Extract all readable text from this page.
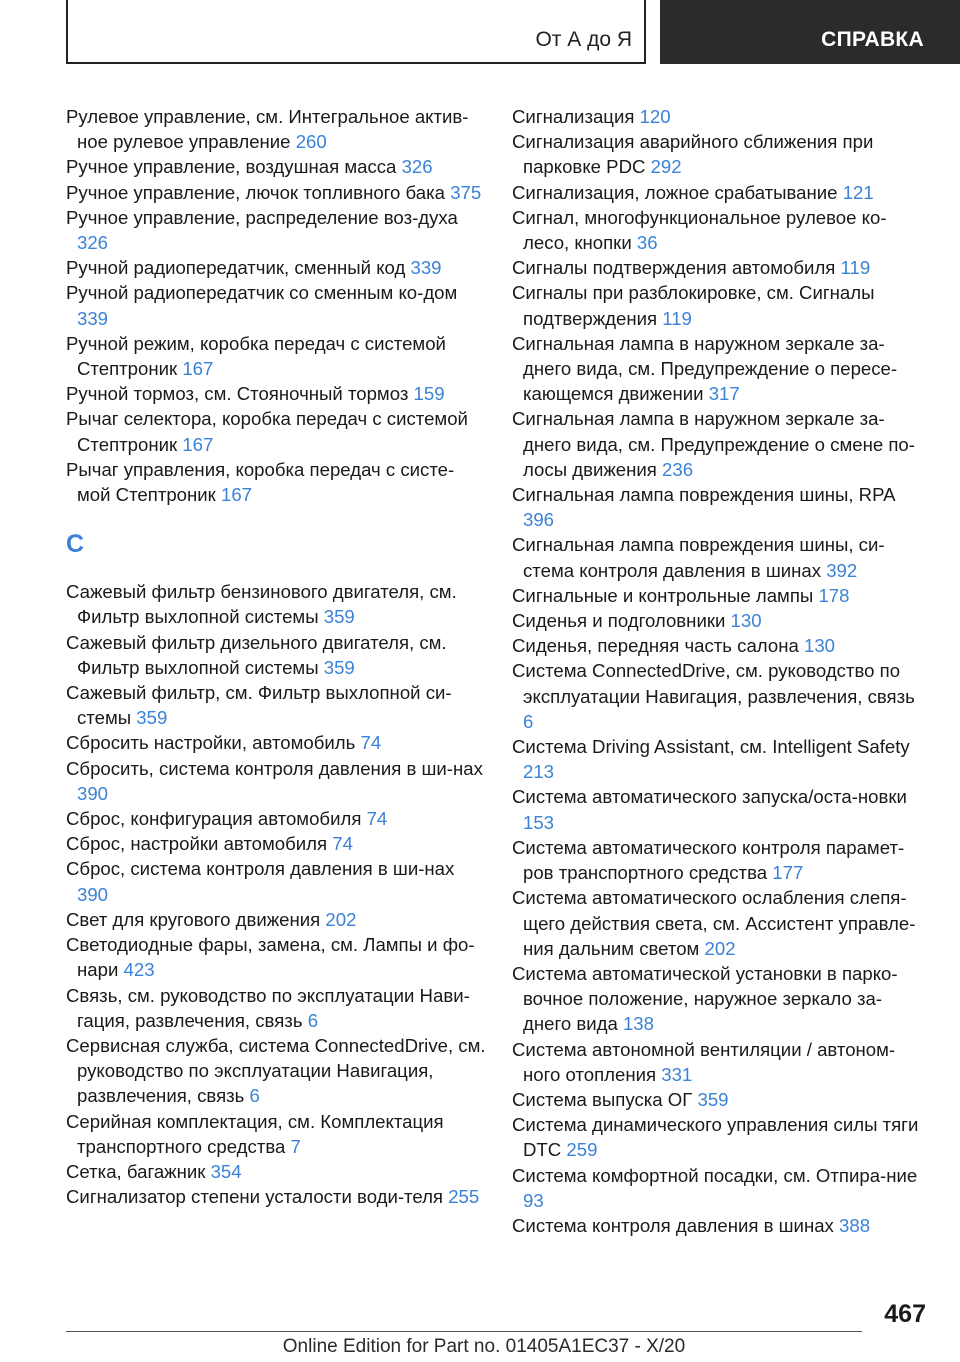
От А до Я	СПРАВКА
Рулевое управление, см. Интегральное актив-ное рулевое управление 260
Ручное управление, воздушная масса 326
Ручное управление, лючок топливного бака 375
Ручное управление, распределение воз-духа 326
Ручной радиопередатчик, сменный код 339
Ручной радиопередатчик со сменным ко-дом 339
Ручной режим, коробка передач с системой Стептроник 167
Ручной тормоз, см. Стояночный тормоз 159
Рычаг селектора, коробка передач с системой Стептроник 167
Рычаг управления, коробка передач с систе-мой Стептроник 167
С
Сажевый фильтр бензинового двигателя, см. Фильтр выхлопной системы 359
Сажевый фильтр дизельного двигателя, см. Фильтр выхлопной системы 359
Сажевый фильтр, см. Фильтр выхлопной си-стемы 359
Сбросить настройки, автомобиль 74
Сбросить, система контроля давления в ши-нах 390
Сброс, конфигурация автомобиля 74
Сброс, настройки автомобиля 74
Сброс, система контроля давления в ши-нах 390
Свет для кругового движения 202
Светодиодные фары, замена, см. Лампы и фо-нари 423
Связь, см. руководство по эксплуатации Нави-гация, развлечения, связь 6
Сервисная служба, система ConnectedDrive, см. руководство по эксплуатации Навигация, развлечения, связь 6
Серийная комплектация, см. Комплектация транспортного средства 7
Сетка, багажник 354
Сигнализатор степени усталости води-теля 255
Сигнализация 120
Сигнализация аварийного сближения при парковке PDC 292
Сигнализация, ложное срабатывание 121
Сигнал, многофункциональное рулевое ко-лесо, кнопки 36
Сигналы подтверждения автомобиля 119
Сигналы при разблокировке, см. Сигналы подтверждения 119
Сигнальная лампа в наружном зеркале за-днего вида, см. Предупреждение о пересе-кающемся движении 317
Сигнальная лампа в наружном зеркале за-днего вида, см. Предупреждение о смене по-лосы движения 236
Сигнальная лампа повреждения шины, RPA 396
Сигнальная лампа повреждения шины, си-стема контроля давления в шинах 392
Сигнальные и контрольные лампы 178
Сиденья и подголовники 130
Сиденья, передняя часть салона 130
Система ConnectedDrive, см. руководство по эксплуатации Навигация, развлечения, связь 6
Система Driving Assistant, см. Intelligent Safety 213
Система автоматического запуска/оста-новки 153
Система автоматического контроля парамет-ров транспортного средства 177
Система автоматического ослабления слепя-щего действия света, см. Ассистент управле-ния дальним светом 202
Система автоматической установки в парко-вочное положение, наружное зеркало за-днего вида 138
Система автономной вентиляции / автоном-ного отопления 331
Система выпуска ОГ 359
Система динамического управления силы тяги DTC 259
Система комфортной посадки, см. Отпира-ние 93
Система контроля давления в шинах 388
467
Online Edition for Part no. 01405A1EC37 - X/20
